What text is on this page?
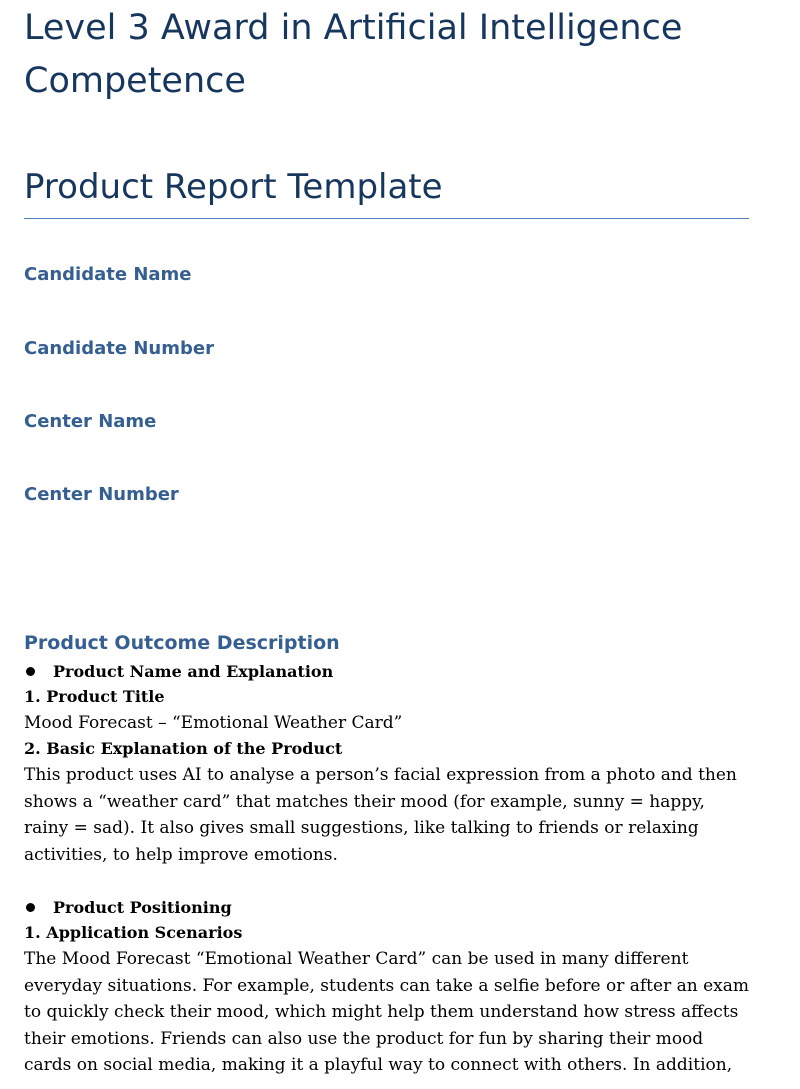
Level 3 Award in Artificial Intelligence Competence
Product Report Template
Candidate Name
Candidate Number
Center Name
Center Number
Product Outcome Description
Product Name and Explanation
1. Product Title
Mood Forecast – “Emotional Weather Card”
2. Basic Explanation of the Product

This product uses AI to analyse a person’s facial expression from a photo and then shows a “weather card” that matches their mood (for example, sunny = happy, rainy = sad). It also gives small suggestions, like talking to friends or relaxing activities, to help improve emotions.

Product Positioning
1. Application Scenarios

The Mood Forecast “Emotional Weather Card” can be used in many different everyday situations. For example, students can take a selfie before or after an exam to quickly check their mood, which might help them understand how stress affects their emotions. Friends can also use the product for fun by sharing their mood cards on social media, making it a playful way to connect with others. In addition,
